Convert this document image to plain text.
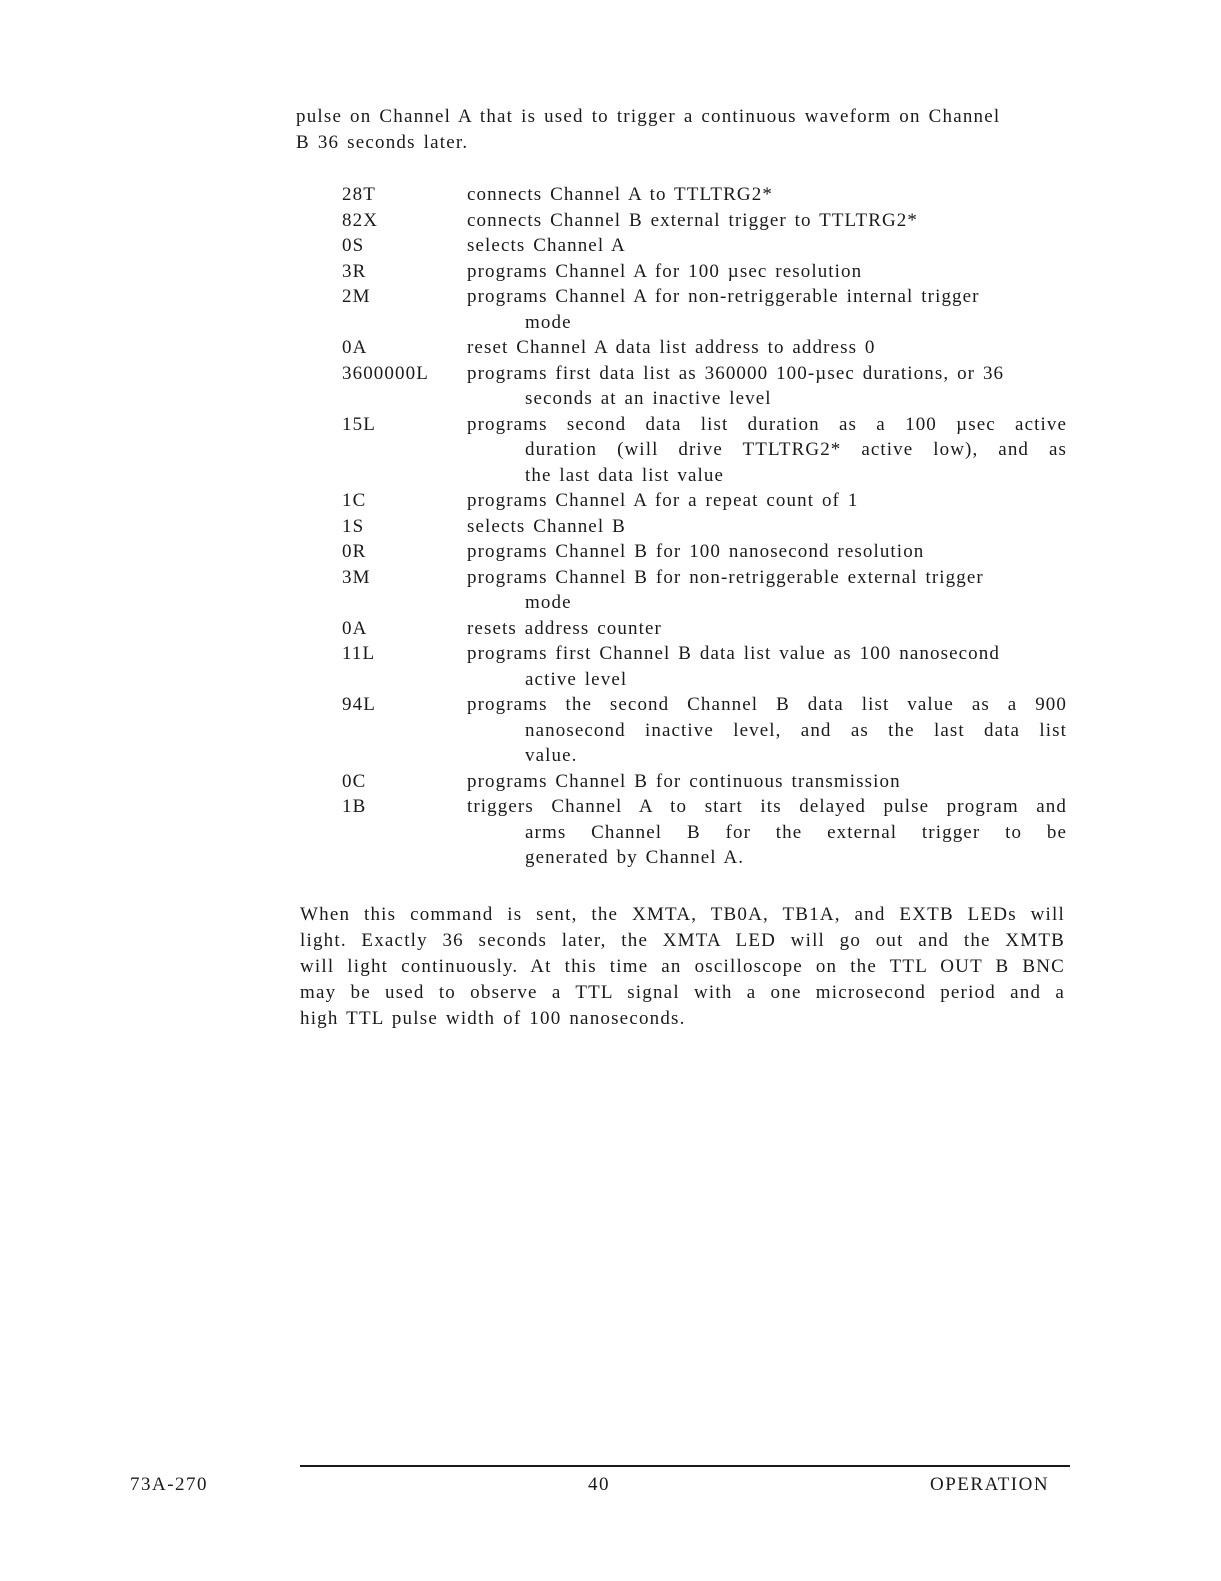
pulse on Channel A that is used to trigger a continuous waveform on Channel
B 36 seconds later.
28T	connects Channel A to TTLTRG2*
82X	connects Channel B external trigger to TTLTRG2*
0S	selects Channel A
3R	programs Channel A for 100 µsec resolution
2M	programs Channel A for non-retriggerable internal trigger
mode
0A	reset Channel A data list address to address 0
3600000L	programs first data list as 360000 100-µsec durations, or 36
seconds at an inactive level
15L	programs second data list duration as a 100 µsec active
duration (will drive TTLTRG2* active low), and as
the last data list value
1C	programs Channel A for a repeat count of 1
1S	selects Channel B
0R	programs Channel B for 100 nanosecond resolution
3M	programs Channel B for non-retriggerable external trigger
mode
0A	resets address counter
11L	programs first Channel B data list value as 100 nanosecond
active level
94L	programs the second Channel B data list value as a 900
nanosecond inactive level, and as the last data list
value.
0C	programs Channel B for continuous transmission
1B	triggers Channel A to start its delayed pulse program and
arms Channel B for the external trigger to be
generated by Channel A.
When this command is sent, the XMTA, TB0A, TB1A, and EXTB LEDs will
light. Exactly 36 seconds later, the XMTA LED will go out and the XMTB
will light continuously. At this time an oscilloscope on the TTL OUT B BNC
may be used to observe a TTL signal with a one microsecond period and a
high TTL pulse width of 100 nanoseconds.
73A-270	40	OPERATION
